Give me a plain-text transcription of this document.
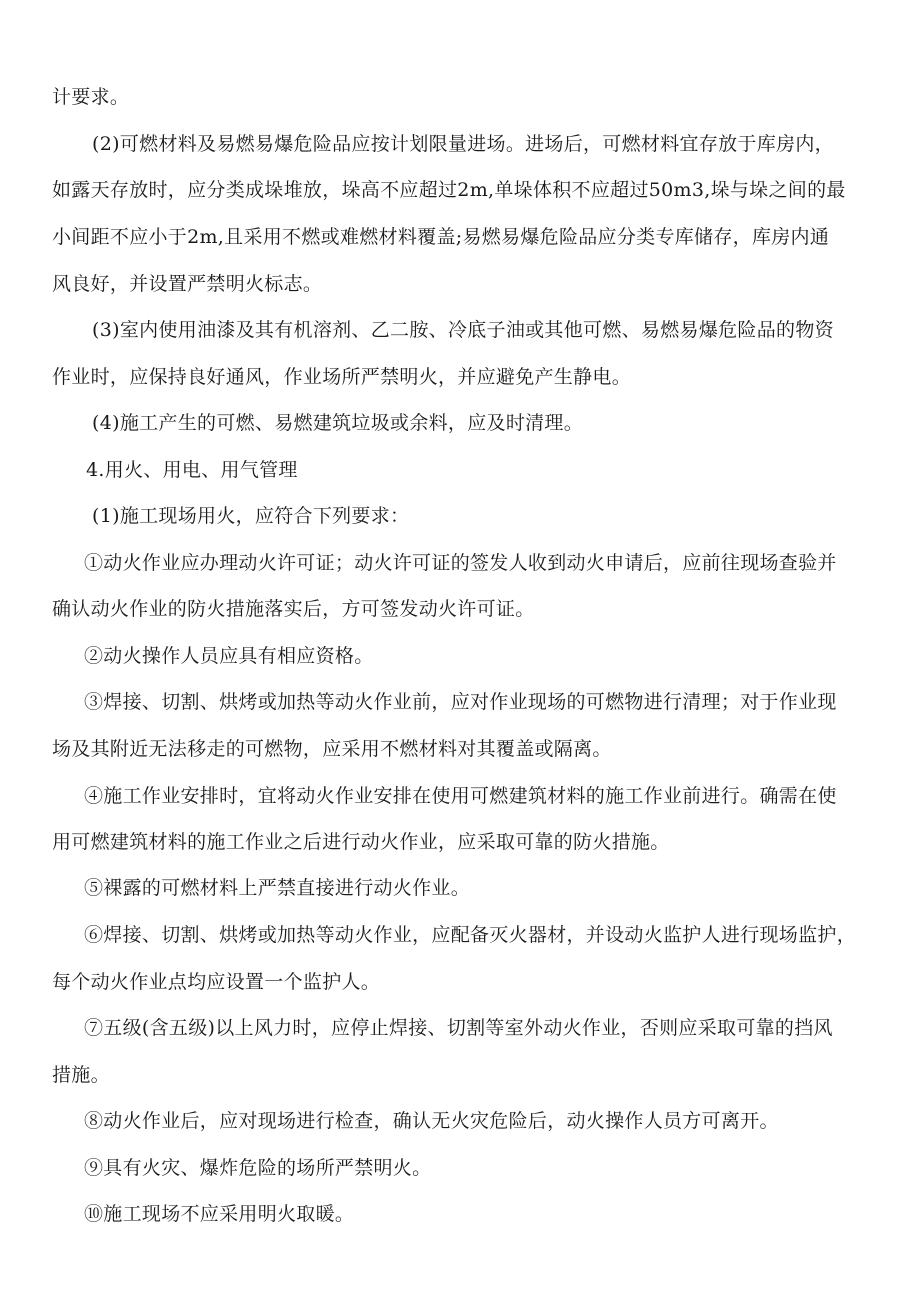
计要求。
(2)可燃材料及易燃易爆危险品应按计划限量进场。进场后，可燃材料宜存放于库房内，
如露天存放时，应分类成垛堆放，垛高不应超过2m,单垛体积不应超过50m3,垛与垛之间的最
小间距不应小于2m,且采用不燃或难燃材料覆盖;易燃易爆危险品应分类专库储存，库房内通
风良好，并设置严禁明火标志。
(3)室内使用油漆及其有机溶剂、乙二胺、冷底子油或其他可燃、易燃易爆危险品的物资
作业时，应保持良好通风，作业场所严禁明火，并应避免产生静电。
(4)施工产生的可燃、易燃建筑垃圾或余料，应及时清理。
4.用火、用电、用气管理
(1)施工现场用火，应符合下列要求：
①动火作业应办理动火许可证；动火许可证的签发人收到动火申请后，应前往现场查验并
确认动火作业的防火措施落实后，方可签发动火许可证。
②动火操作人员应具有相应资格。
③焊接、切割、烘烤或加热等动火作业前，应对作业现场的可燃物进行清理；对于作业现
场及其附近无法移走的可燃物，应采用不燃材料对其覆盖或隔离。
④施工作业安排时，宜将动火作业安排在使用可燃建筑材料的施工作业前进行。确需在使
用可燃建筑材料的施工作业之后进行动火作业，应采取可靠的防火措施。
⑤裸露的可燃材料上严禁直接进行动火作业。
⑥焊接、切割、烘烤或加热等动火作业，应配备灭火器材，并设动火监护人进行现场监护，
每个动火作业点均应设置一个监护人。
⑦五级(含五级)以上风力时，应停止焊接、切割等室外动火作业，否则应采取可靠的挡风
措施。
⑧动火作业后，应对现场进行检查，确认无火灾危险后，动火操作人员方可离开。
⑨具有火灾、爆炸危险的场所严禁明火。
⑩施工现场不应采用明火取暖。
